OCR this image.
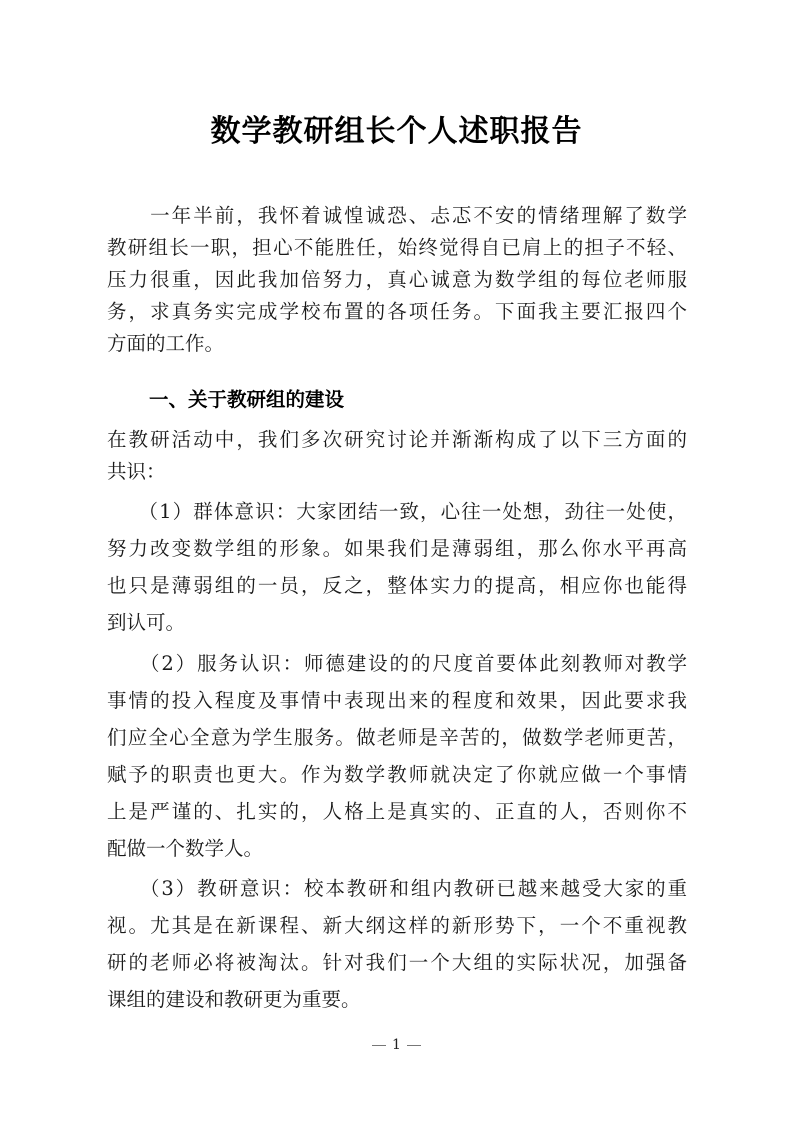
数学教研组长个人述职报告
　　一年半前，我怀着诚惶诚恐、忐忑不安的情绪理解了数学
教研组长一职，担心不能胜任，始终觉得自已肩上的担子不轻、
压力很重，因此我加倍努力，真心诚意为数学组的每位老师服
务，求真务实完成学校布置的各项任务。下面我主要汇报四个
方面的工作。
一、关于教研组的建设
在教研活动中，我们多次研究讨论并渐渐构成了以下三方面的
共识：
　　（1）群体意识：大家团结一致，心往一处想，劲往一处使，
努力改变数学组的形象。如果我们是薄弱组，那么你水平再高
也只是薄弱组的一员，反之，整体实力的提高，相应你也能得
到认可。
　　（2）服务认识：师德建设的的尺度首要体此刻教师对教学
事情的投入程度及事情中表现出来的程度和效果，因此要求我
们应全心全意为学生服务。做老师是辛苦的，做数学老师更苦，
赋予的职责也更大。作为数学教师就决定了你就应做一个事情
上是严谨的、扎实的，人格上是真实的、正直的人，否则你不
配做一个数学人。
　　（3）教研意识：校本教研和组内教研已越来越受大家的重
视。尤其是在新课程、新大纲这样的新形势下，一个不重视教
研的老师必将被淘汰。针对我们一个大组的实际状况，加强备
课组的建设和教研更为重要。
1
